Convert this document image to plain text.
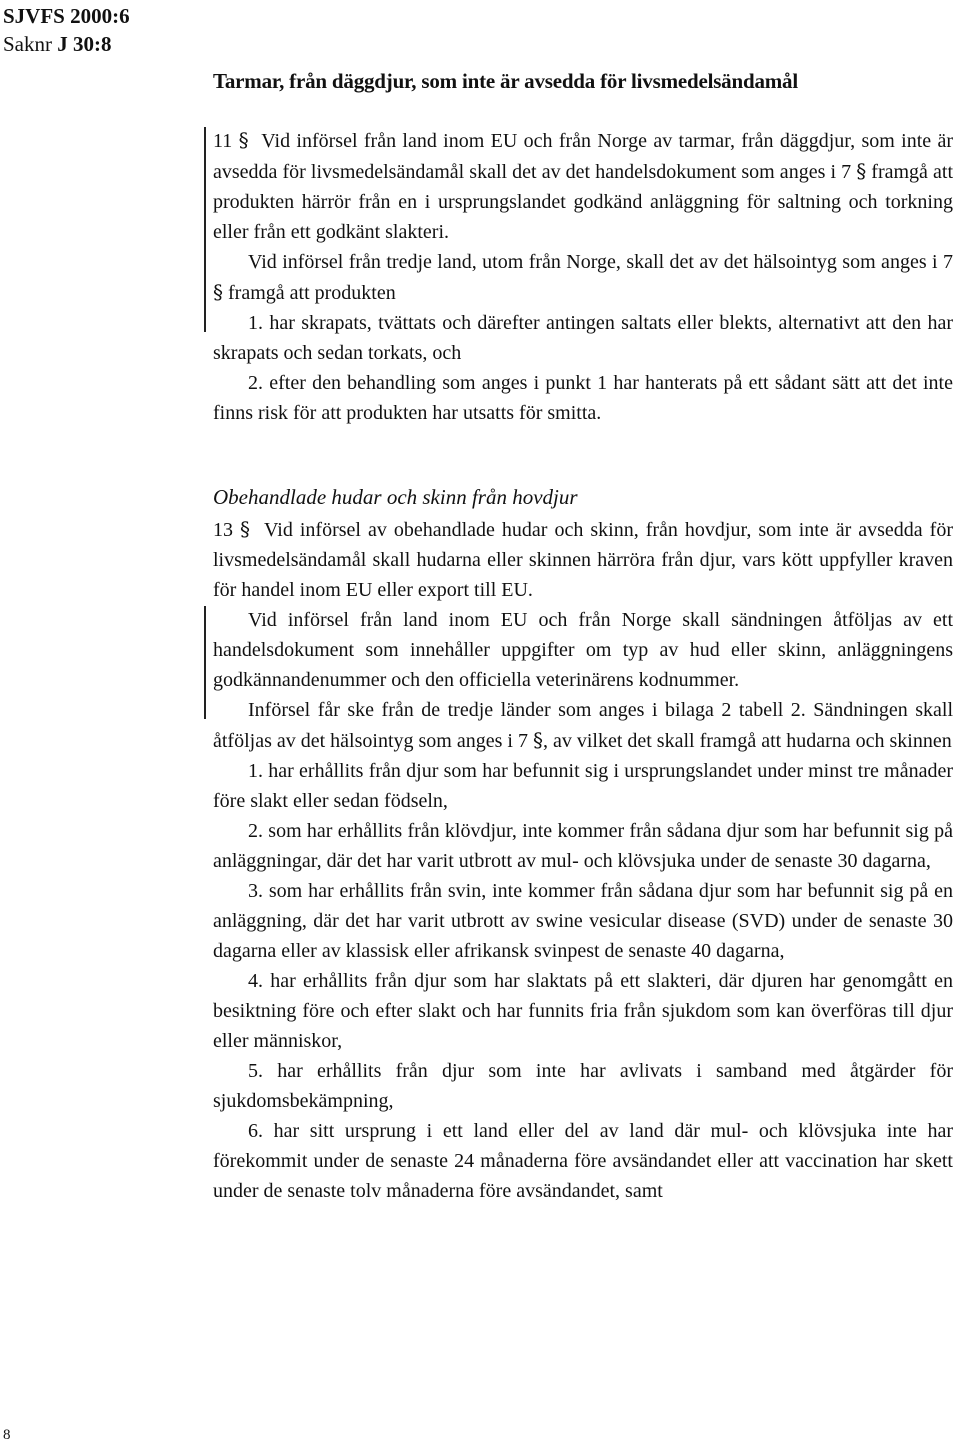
SJVFS 2000:6
Saknr J 30:8
Tarmar, från däggdjur, som inte är avsedda för livsmedelsändamål

11 § Vid införsel från land inom EU och från Norge av tarmar, från däggdjur, som inte är avsedda för livsmedelsändamål skall det av det handelsdokument som anges i 7 § framgå att produkten härrör från en i ursprungslandet godkänd anläggning för saltning och torkning eller från ett godkänt slakteri.

Vid införsel från tredje land, utom från Norge, skall det av det hälsointyg som anges i 7 § framgå att produkten

1. har skrapats, tvättats och därefter antingen saltats eller blekts, alternativt att den har skrapats och sedan torkats, och

2. efter den behandling som anges i punkt 1 har hanterats på ett sådant sätt att det inte finns risk för att produkten har utsatts för smitta.

Obehandlade hudar och skinn från hovdjur

13 § Vid införsel av obehandlade hudar och skinn, från hovdjur, som inte är avsedda för livsmedelsändamål skall hudarna eller skinnen härröra från djur, vars kött uppfyller kraven för handel inom EU eller export till EU.

Vid införsel från land inom EU och från Norge skall sändningen åtföljas av ett handelsdokument som innehåller uppgifter om typ av hud eller skinn, anläggningens godkännandenummer och den officiella veterinärens kodnummer.

Införsel får ske från de tredje länder som anges i bilaga 2 tabell 2. Sändningen skall åtföljas av det hälsointyg som anges i 7 §, av vilket det skall framgå att hudarna och skinnen

1. har erhållits från djur som har befunnit sig i ursprungslandet under minst tre månader före slakt eller sedan födseln,

2. som har erhållits från klövdjur, inte kommer från sådana djur som har befunnit sig på anläggningar, där det har varit utbrott av mul- och klövsjuka under de senaste 30 dagarna,

3. som har erhållits från svin, inte kommer från sådana djur som har befunnit sig på en anläggning, där det har varit utbrott av swine vesicular disease (SVD) under de senaste 30 dagarna eller av klassisk eller afrikansk svinpest de senaste 40 dagarna,

4. har erhållits från djur som har slaktats på ett slakteri, där djuren har genomgått en besiktning före och efter slakt och har funnits fria från sjukdom som kan överföras till djur eller människor,

5. har erhållits från djur som inte har avlivats i samband med åtgärder för sjukdomsbekämpning,

6. har sitt ursprung i ett land eller del av land där mul- och klövsjuka inte har förekommit under de senaste 24 månaderna före avsändandet eller att vaccination har skett under de senaste tolv månaderna före avsändandet, samt

8
